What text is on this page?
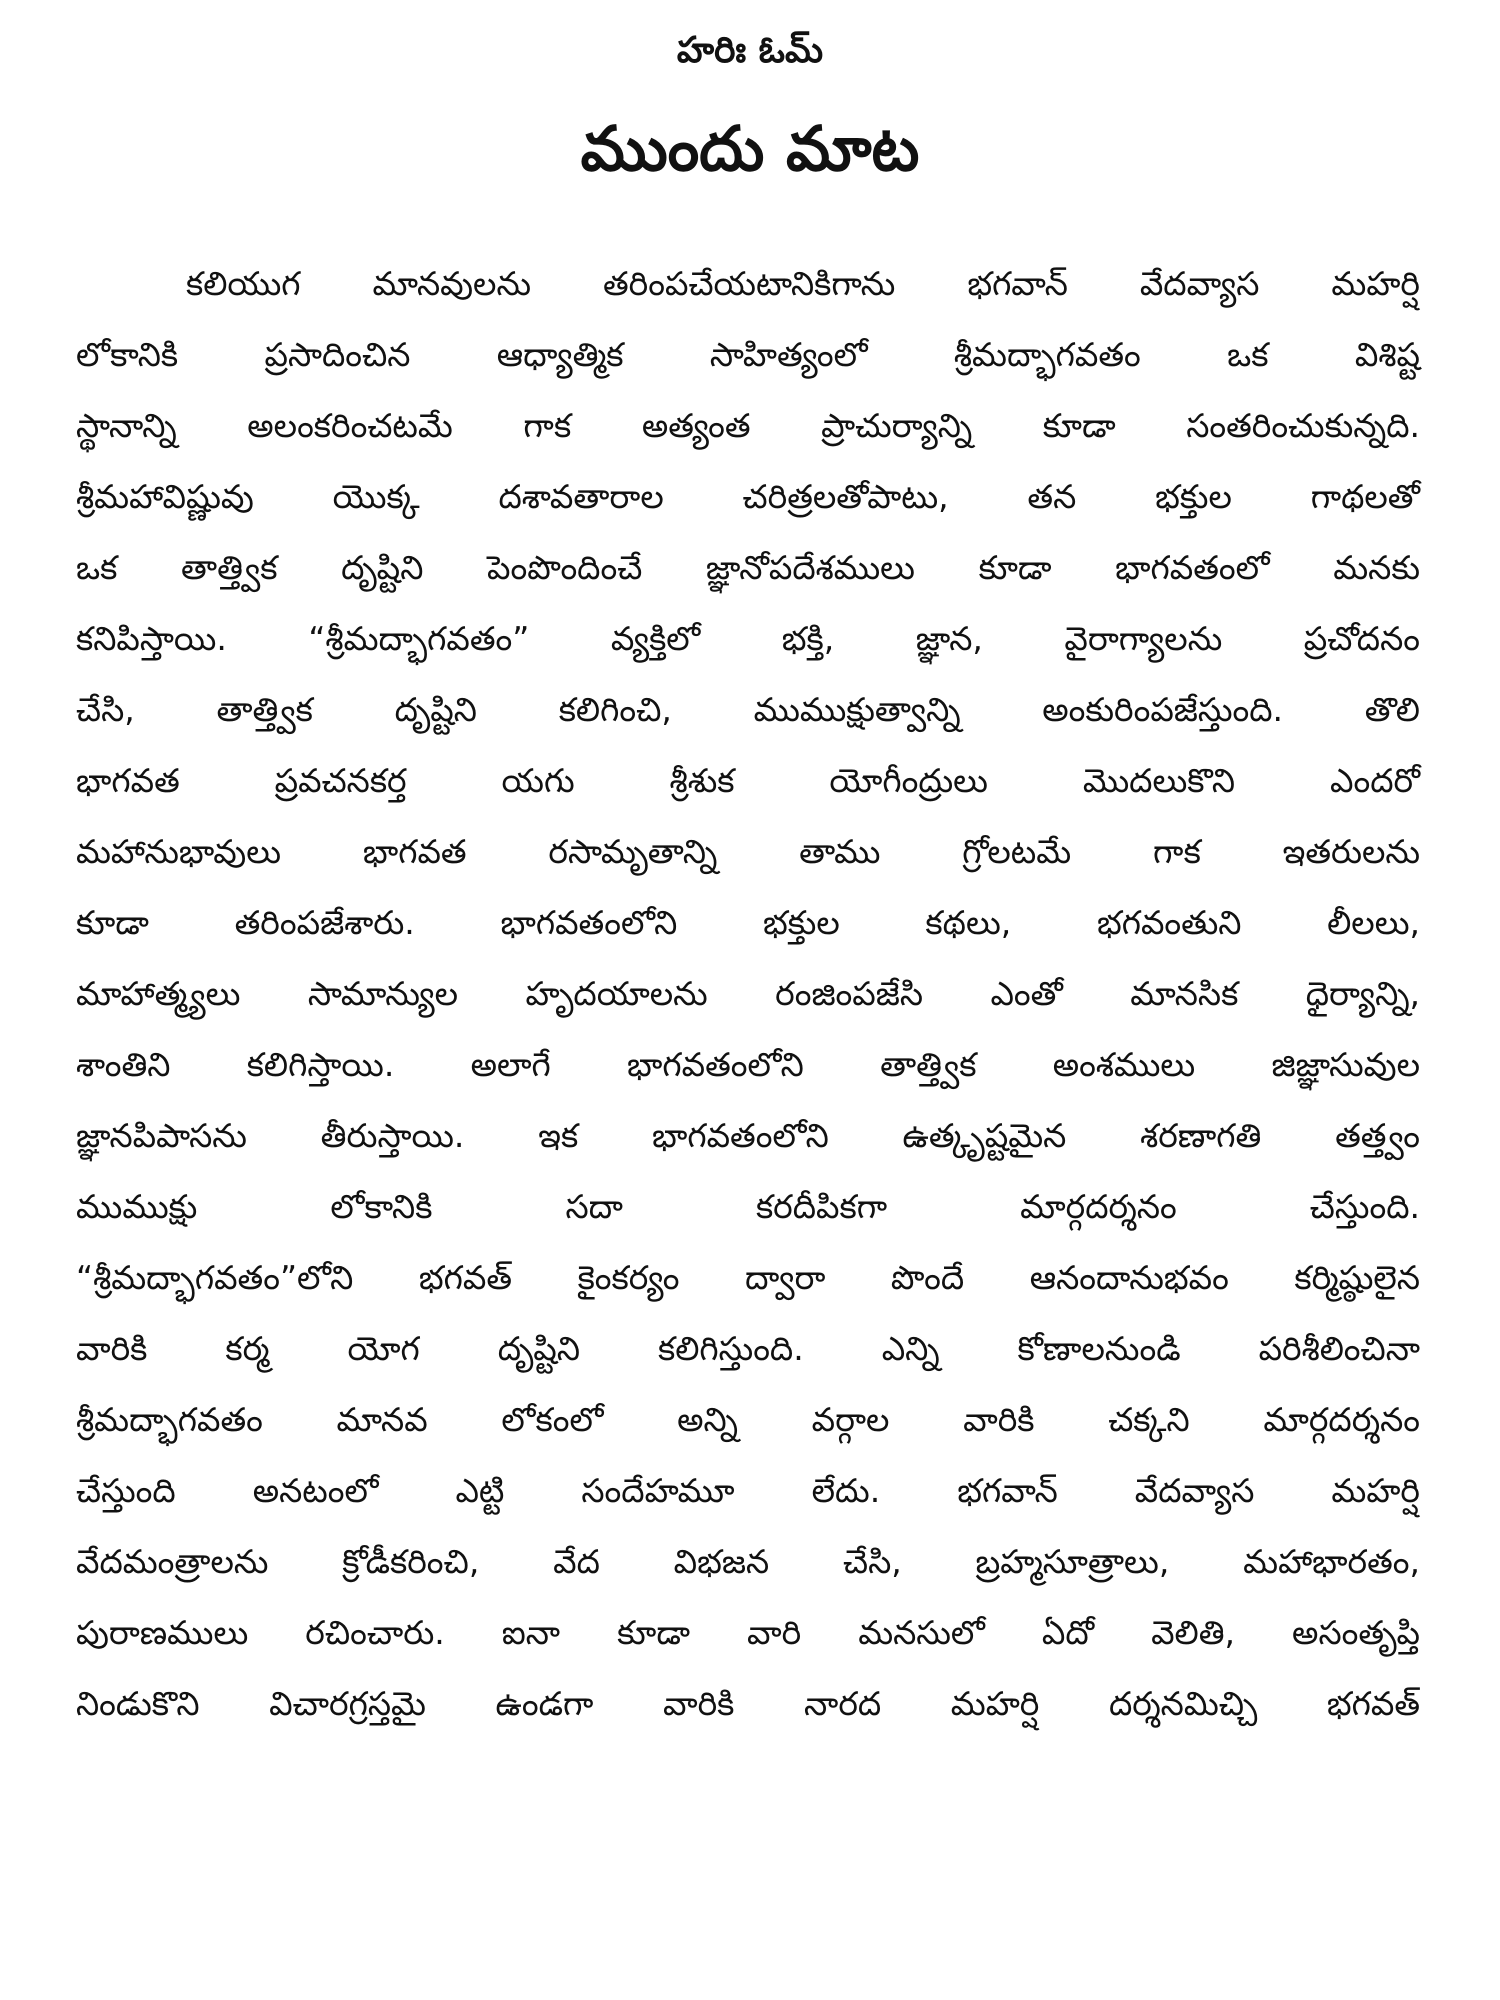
హరిః ఓమ్
ముందు మాట
కలియుగ మానవులను తరింపచేయటానికిగాను భగవాన్ వేదవ్యాస మహర్షి
లోకానికి ప్రసాదించిన ఆధ్యాత్మిక సాహిత్యంలో శ్రీమద్భాగవతం ఒక విశిష్ట
స్థానాన్ని అలంకరించటమే గాక అత్యంత ప్రాచుర్యాన్ని కూడా సంతరించుకున్నది.
శ్రీమహావిష్ణువు యొక్క దశావతారాల చరిత్రలతోపాటు, తన భక్తుల గాథలతో
ఒక తాత్త్విక దృష్టిని పెంపొందించే జ్ఞానోపదేశములు కూడా భాగవతంలో మనకు
కనిపిస్తాయి. “శ్రీమద్భాగవతం” వ్యక్తిలో భక్తి, జ్ఞాన, వైరాగ్యాలను ప్రచోదనం
చేసి, తాత్త్విక దృష్టిని కలిగించి, ముముక్షుత్వాన్ని అంకురింపజేస్తుంది. తొలి
భాగవత ప్రవచనకర్త యగు శ్రీశుక యోగీంద్రులు మొదలుకొని ఎందరో
మహానుభావులు భాగవత రసామృతాన్ని తాము గ్రోలటమే గాక ఇతరులను
కూడా తరింపజేశారు. భాగవతంలోని భక్తుల కథలు, భగవంతుని లీలలు,
మాహాత్మ్యలు సామాన్యుల హృదయాలను రంజింపజేసి ఎంతో మానసిక ధైర్యాన్ని,
శాంతిని కలిగిస్తాయి. అలాగే భాగవతంలోని తాత్త్విక అంశములు జిజ్ఞాసువుల
జ్ఞానపిపాసను తీరుస్తాయి. ఇక భాగవతంలోని ఉత్కృష్టమైన శరణాగతి తత్త్వం
ముముక్షు లోకానికి సదా కరదీపికగా మార్గదర్శనం చేస్తుంది.
“శ్రీమద్భాగవతం”లోని భగవత్ కైంకర్యం ద్వారా పొందే ఆనందానుభవం కర్మిష్ఠులైన
వారికి కర్మ యోగ దృష్టిని కలిగిస్తుంది. ఎన్ని కోణాలనుండి పరిశీలించినా
శ్రీమద్భాగవతం మానవ లోకంలో అన్ని వర్గాల వారికి చక్కని మార్గదర్శనం
చేస్తుంది అనటంలో ఎట్టి సందేహమూ లేదు. భగవాన్ వేదవ్యాస మహర్షి
వేదమంత్రాలను క్రోడీకరించి, వేద విభజన చేసి, బ్రహ్మసూత్రాలు, మహాభారతం,
పురాణములు రచించారు. ఐనా కూడా వారి మనసులో ఏదో వెలితి, అసంతృప్తి
నిండుకొని విచారగ్రస్తమై ఉండగా వారికి నారద మహర్షి దర్శనమిచ్చి భగవత్
